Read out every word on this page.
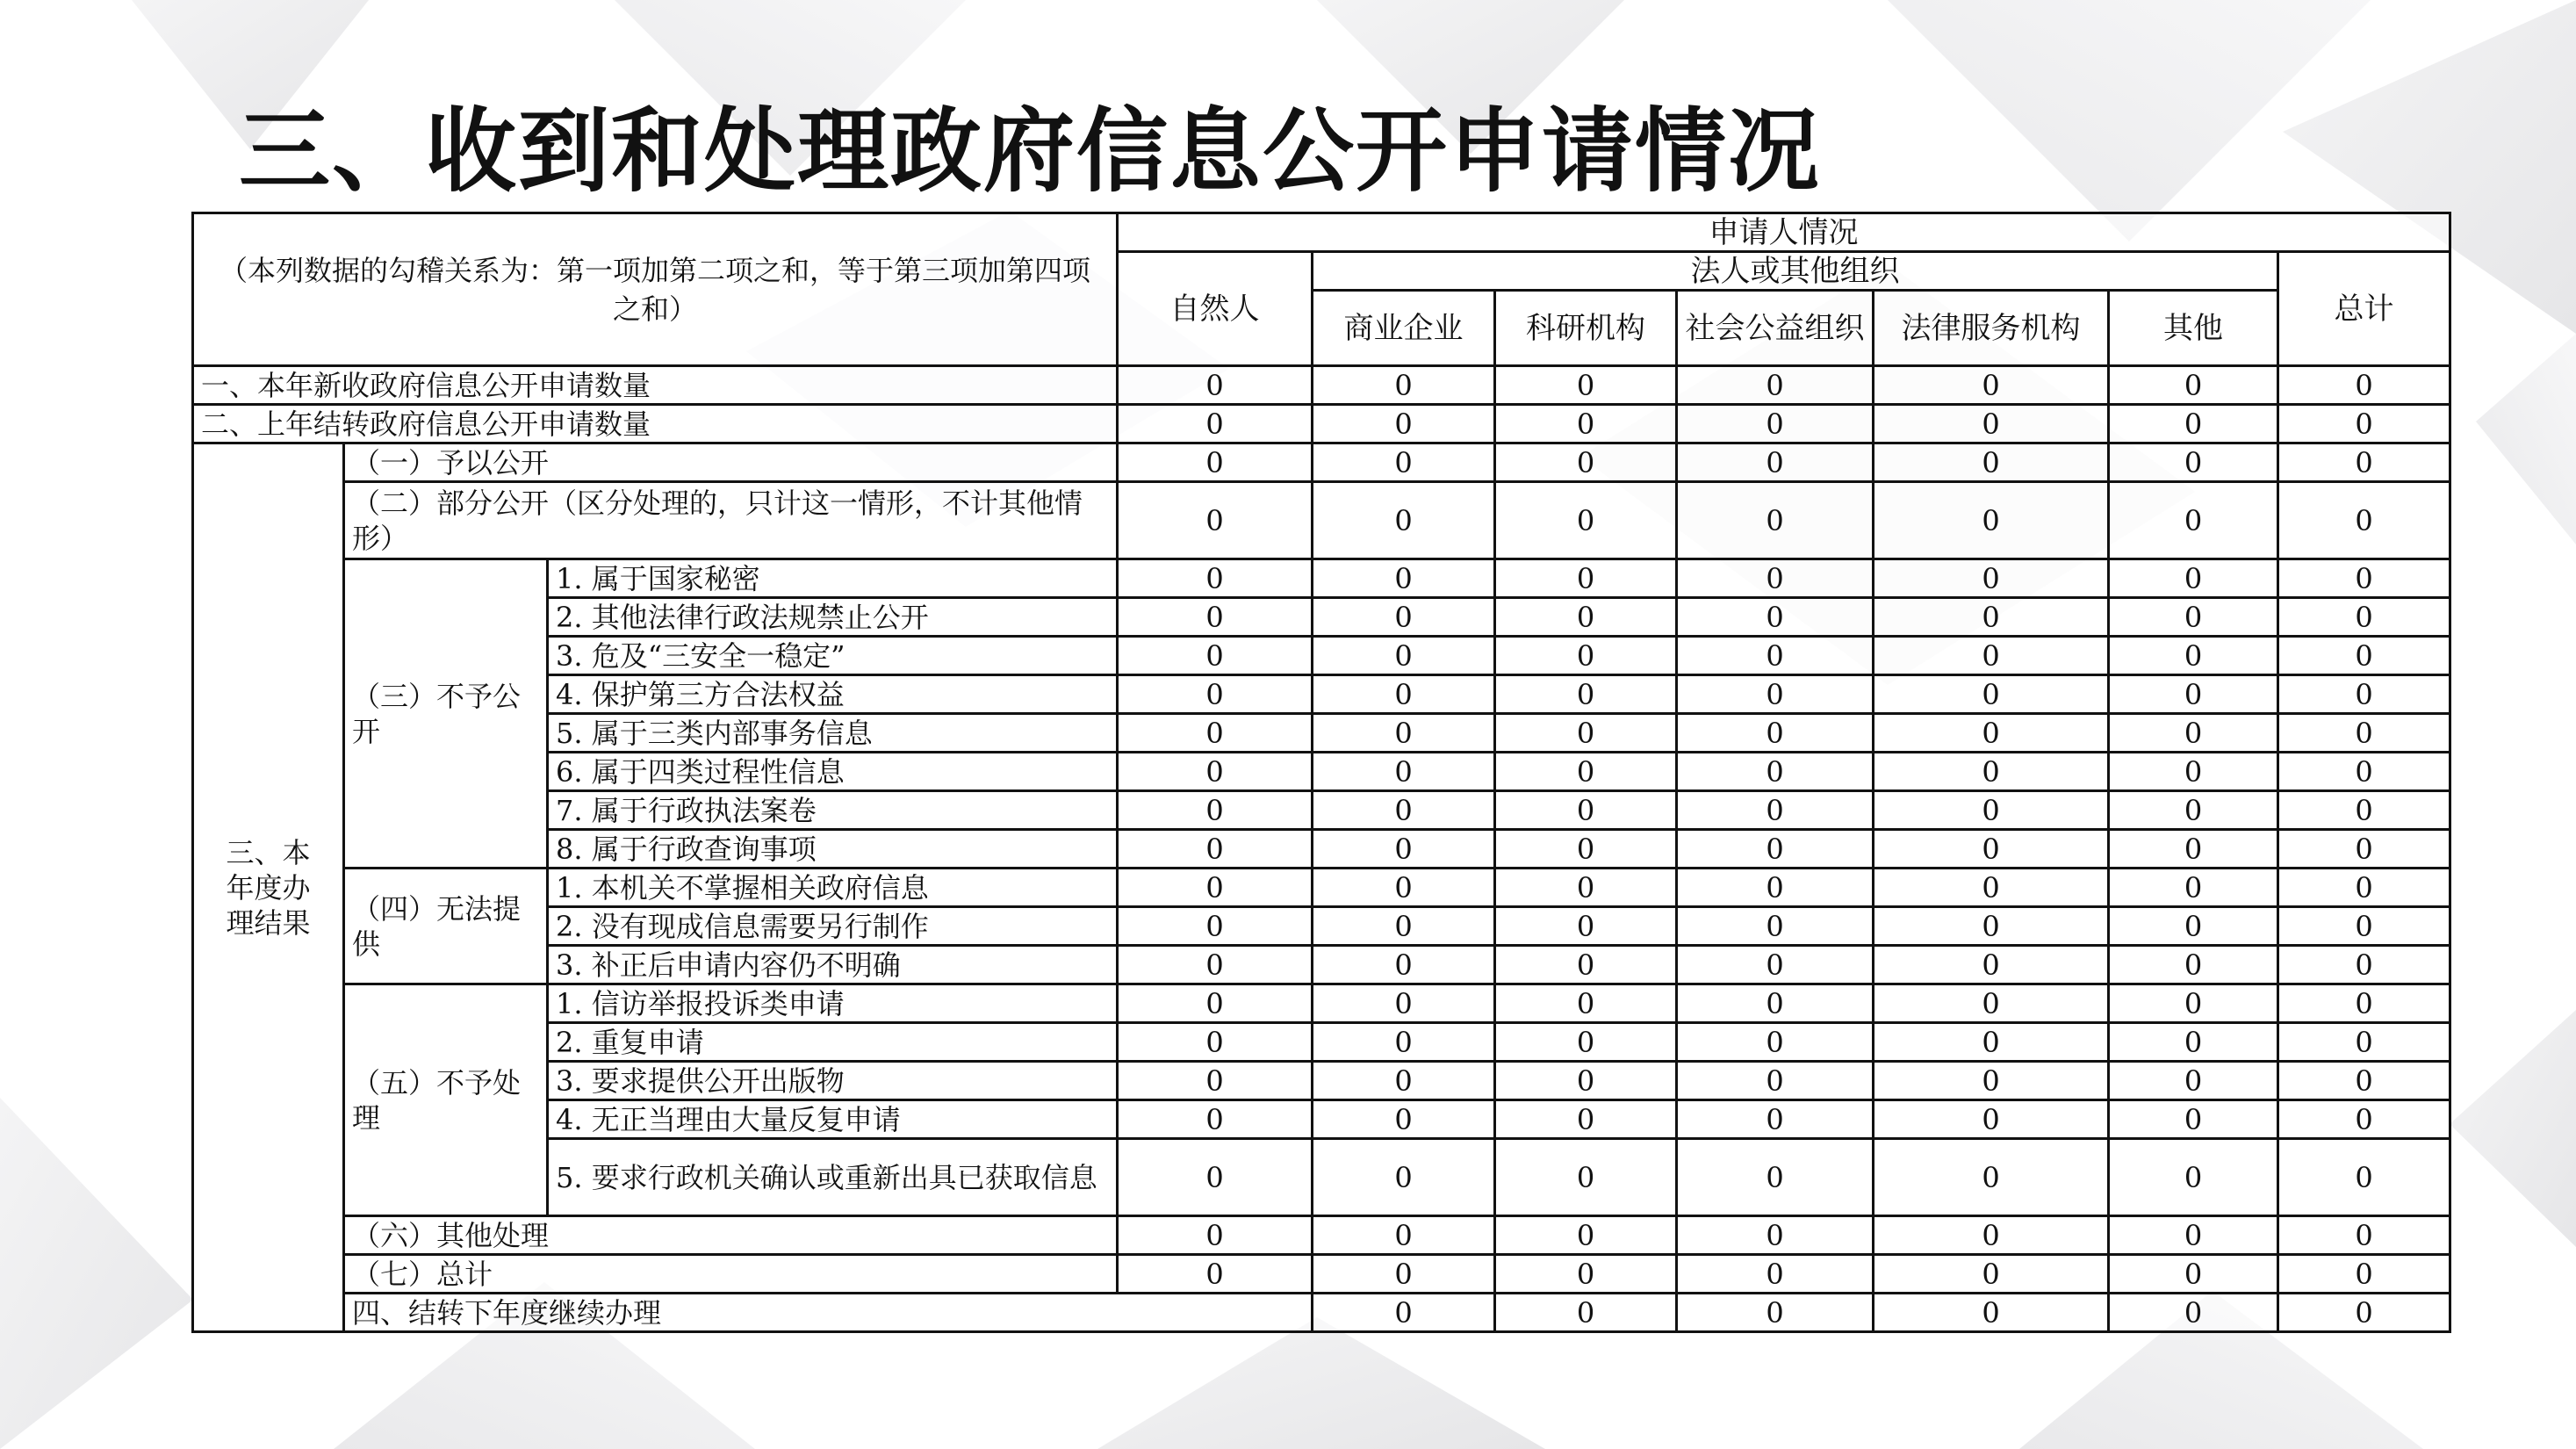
三、收到和处理政府信息公开申请情况
（本列数据的勾稽关系为：第一项加第二项之和，等于第三项加第四项之和）			申请人情况							
			自然人	法人或其他组织					总计	
				商业企业	科研机构	社会公益组织	法律服务机构	其他		
一、本年新收政府信息公开申请数量			0	0	0	0	0	0	0	
二、上年结转政府信息公开申请数量			0	0	0	0	0	0	0	
三、本年度办理结果	（一）予以公开		0	0	0	0	0	0	0	
	（二）部分公开（区分处理的，只计这一情形，不计其他情形）		0	0	0	0	0	0	0	
	（三）不予公开	1. 属于国家秘密	0	0	0	0	0	0	0	
		2. 其他法律行政法规禁止公开	0	0	0	0	0	0	0	
		3. 危及“三安全一稳定”	0	0	0	0	0	0	0	
		4. 保护第三方合法权益	0	0	0	0	0	0	0	
		5. 属于三类内部事务信息	0	0	0	0	0	0	0	
		6. 属于四类过程性信息	0	0	0	0	0	0	0	
		7. 属于行政执法案卷	0	0	0	0	0	0	0	
		8. 属于行政查询事项	0	0	0	0	0	0	0	
	（四）无法提供	1. 本机关不掌握相关政府信息	0	0	0	0	0	0	0	
		2. 没有现成信息需要另行制作	0	0	0	0	0	0	0	
		3. 补正后申请内容仍不明确	0	0	0	0	0	0	0	
	（五）不予处理	1. 信访举报投诉类申请	0	0	0	0	0	0	0	
		2. 重复申请	0	0	0	0	0	0	0	
		3. 要求提供公开出版物	0	0	0	0	0	0	0	
		4. 无正当理由大量反复申请	0	0	0	0	0	0	0	
		5. 要求行政机关确认或重新出具已获取信息	0	0	0	0	0	0	0	
	（六）其他处理		0	0	0	0	0	0	0	
	（七）总计		0	0	0	0	0	0	0	
	四、结转下年度继续办理			0	0	0	0	0	0	
